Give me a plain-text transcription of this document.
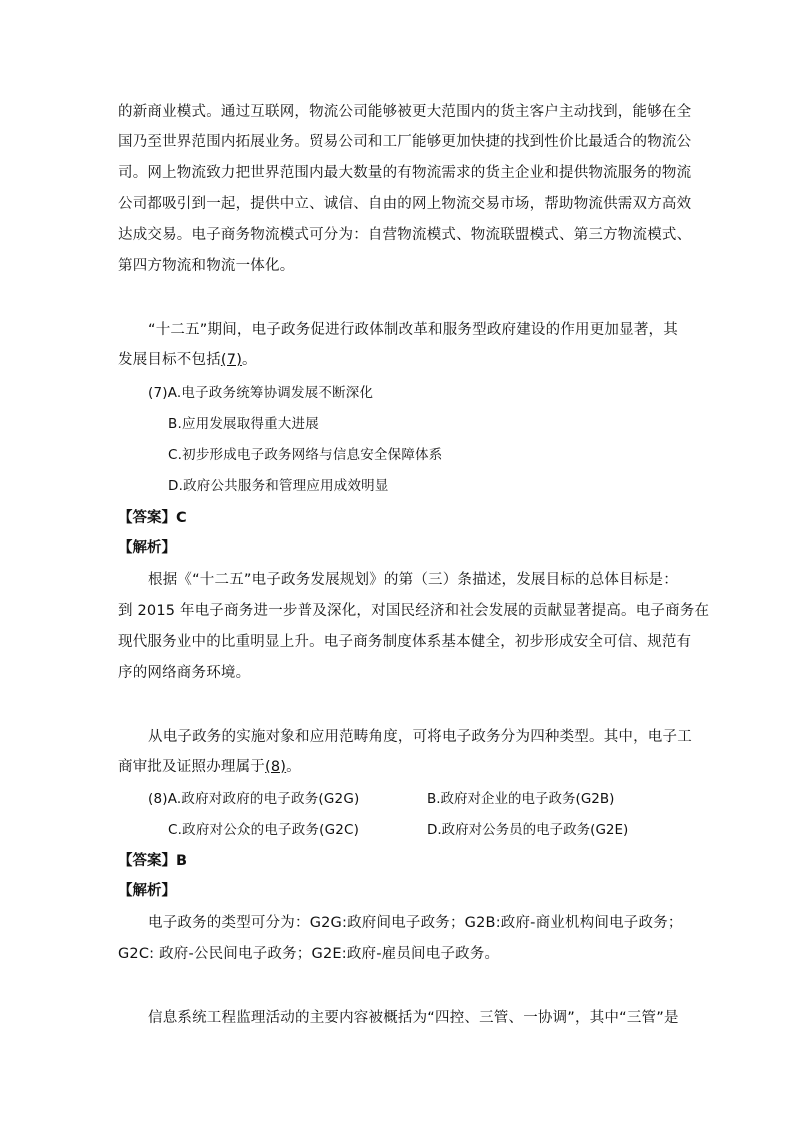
的新商业模式。通过互联网，物流公司能够被更大范围内的货主客户主动找到，能够在全
国乃至世界范围内拓展业务。贸易公司和工厂能够更加快捷的找到性价比最适合的物流公
司。网上物流致力把世界范围内最大数量的有物流需求的货主企业和提供物流服务的物流
公司都吸引到一起，提供中立、诚信、自由的网上物流交易市场，帮助物流供需双方高效
达成交易。电子商务物流模式可分为：自营物流模式、物流联盟模式、第三方物流模式、
第四方物流和物流一体化。
“十二五”期间，电子政务促进行政体制改革和服务型政府建设的作用更加显著，其
发展目标不包括(7)。
(7)A.电子政务统筹协调发展不断深化
B.应用发展取得重大进展
C.初步形成电子政务网络与信息安全保障体系
D.政府公共服务和管理应用成效明显
【答案】C
【解析】
根据《“十二五”电子政务发展规划》的第（三）条描述，发展目标的总体目标是：
到 2015 年电子商务进一步普及深化，对国民经济和社会发展的贡献显著提高。电子商务在
现代服务业中的比重明显上升。电子商务制度体系基本健全，初步形成安全可信、规范有
序的网络商务环境。
从电子政务的实施对象和应用范畴角度，可将电子政务分为四种类型。其中，电子工
商审批及证照办理属于(8)。
(8)A.政府对政府的电子政务(G2G)	B.政府对企业的电子政务(G2B)
C.政府对公众的电子政务(G2C)	D.政府对公务员的电子政务(G2E)
【答案】B
【解析】
电子政务的类型可分为：G2G:政府间电子政务；G2B:政府-商业机构间电子政务；
G2C: 政府-公民间电子政务；G2E:政府-雇员间电子政务。
信息系统工程监理活动的主要内容被概括为“四控、三管、一协调”，其中“三管”是
